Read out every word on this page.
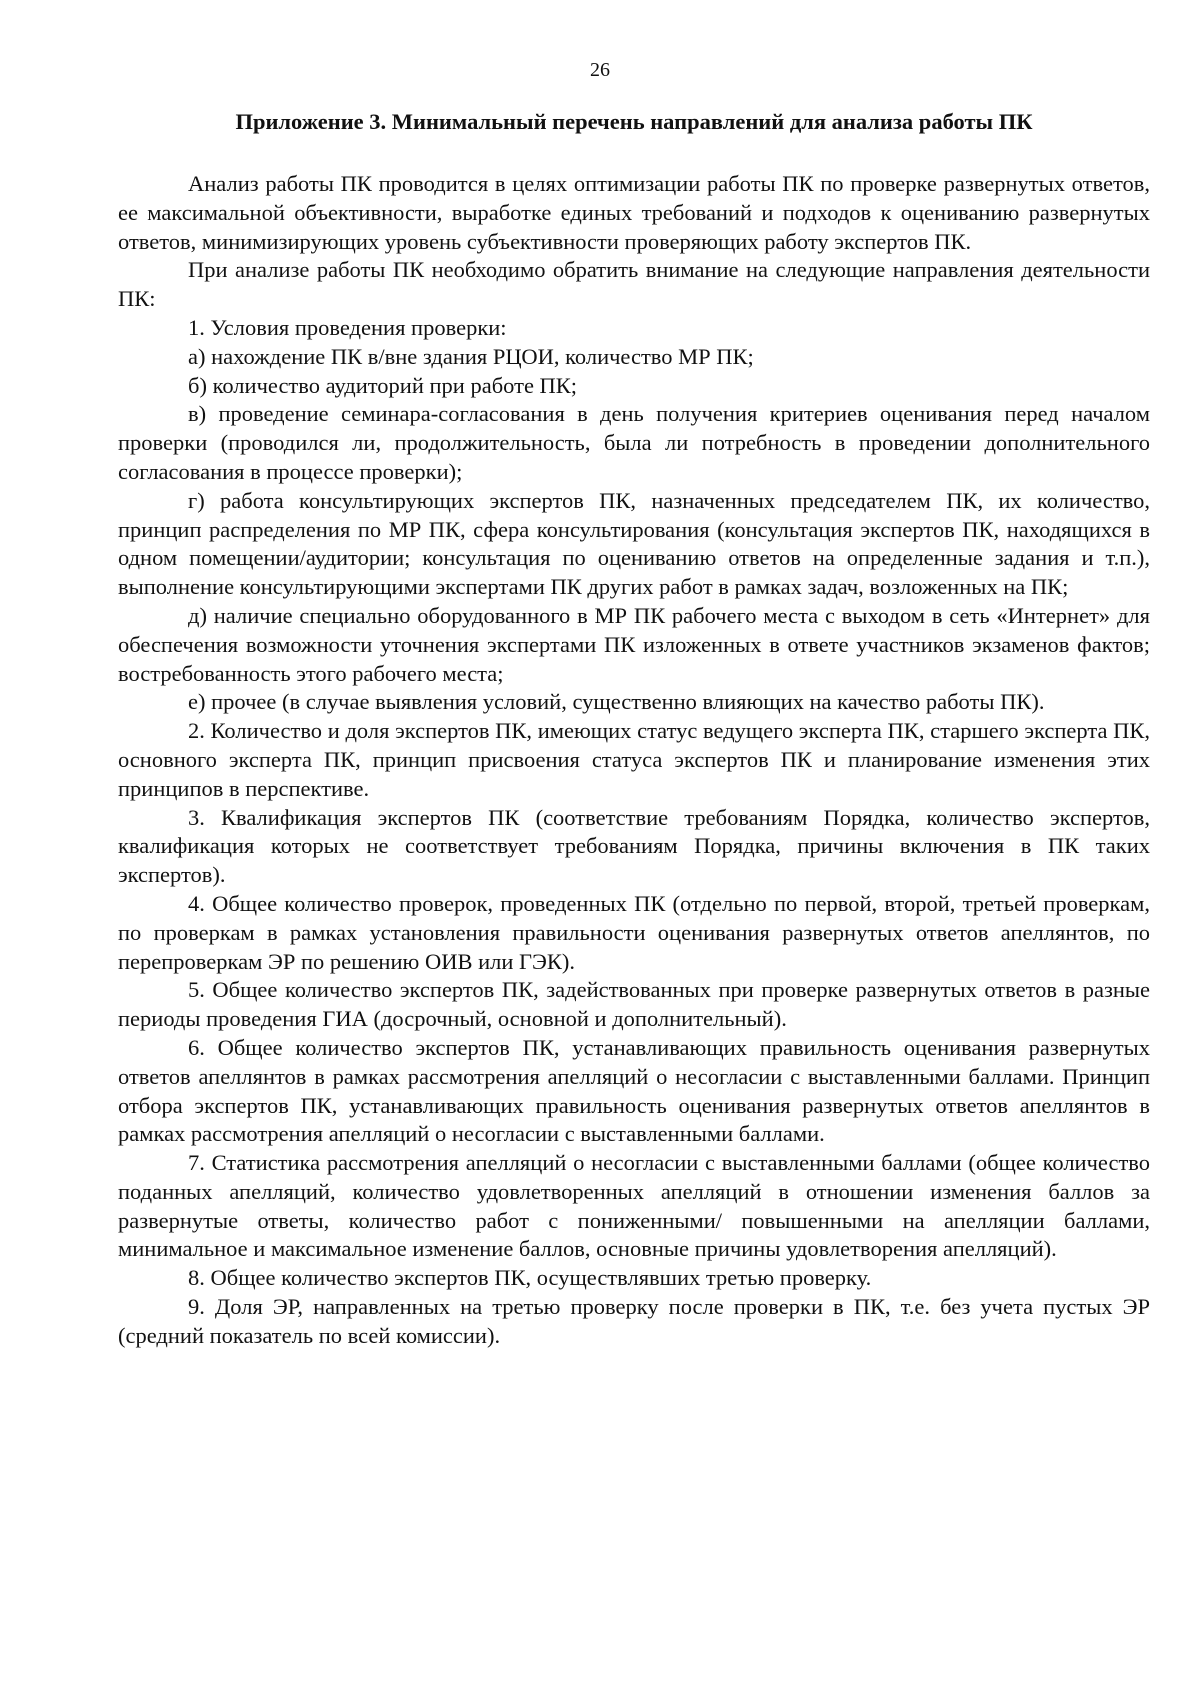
26
Приложение 3. Минимальный перечень направлений для анализа работы ПК

Анализ работы ПК проводится в целях оптимизации работы ПК по проверке развернутых ответов, ее максимальной объективности, выработке единых требований и подходов к оцениванию развернутых ответов, минимизирующих уровень субъективности проверяющих работу экспертов ПК.

При анализе работы ПК необходимо обратить внимание на следующие направления деятельности ПК:

1. Условия проведения проверки:

а) нахождение ПК в/вне здания РЦОИ, количество МР ПК;

б) количество аудиторий при работе ПК;

в) проведение семинара-согласования в день получения критериев оценивания перед началом проверки (проводился ли, продолжительность, была ли потребность в проведении дополнительного согласования в процессе проверки);

г) работа консультирующих экспертов ПК, назначенных председателем ПК, их количество, принцип распределения по МР ПК, сфера консультирования (консультация экспертов ПК, находящихся в одном помещении/аудитории; консультация по оцениванию ответов на определенные задания и т.п.), выполнение консультирующими экспертами ПК других работ в рамках задач, возложенных на ПК;

д) наличие специально оборудованного в МР ПК рабочего места с выходом в сеть «Интернет» для обеспечения возможности уточнения экспертами ПК изложенных в ответе участников экзаменов фактов; востребованность этого рабочего места;

е) прочее (в случае выявления условий, существенно влияющих на качество работы ПК).

2. Количество и доля экспертов ПК, имеющих статус ведущего эксперта ПК, старшего эксперта ПК, основного эксперта ПК, принцип присвоения статуса экспертов ПК и планирование изменения этих принципов в перспективе.

3. Квалификация экспертов ПК (соответствие требованиям Порядка, количество экспертов, квалификация которых не соответствует требованиям Порядка, причины включения в ПК таких экспертов).

4. Общее количество проверок, проведенных ПК (отдельно по первой, второй, третьей проверкам, по проверкам в рамках установления правильности оценивания развернутых ответов апеллянтов, по перепроверкам ЭР по решению ОИВ или ГЭК).

5. Общее количество экспертов ПК, задействованных при проверке развернутых ответов в разные периоды проведения ГИА (досрочный, основной и дополнительный).

6. Общее количество экспертов ПК, устанавливающих правильность оценивания развернутых ответов апеллянтов в рамках рассмотрения апелляций о несогласии с выставленными баллами. Принцип отбора экспертов ПК, устанавливающих правильность оценивания развернутых ответов апеллянтов в рамках рассмотрения апелляций о несогласии с выставленными баллами.

7. Статистика рассмотрения апелляций о несогласии с выставленными баллами (общее количество поданных апелляций, количество удовлетворенных апелляций в отношении изменения баллов за развернутые ответы, количество работ с пониженными/ повышенными на апелляции баллами, минимальное и максимальное изменение баллов, основные причины удовлетворения апелляций).

8. Общее количество экспертов ПК, осуществлявших третью проверку.

9. Доля ЭР, направленных на третью проверку после проверки в ПК, т.е. без учета пустых ЭР (средний показатель по всей комиссии).
